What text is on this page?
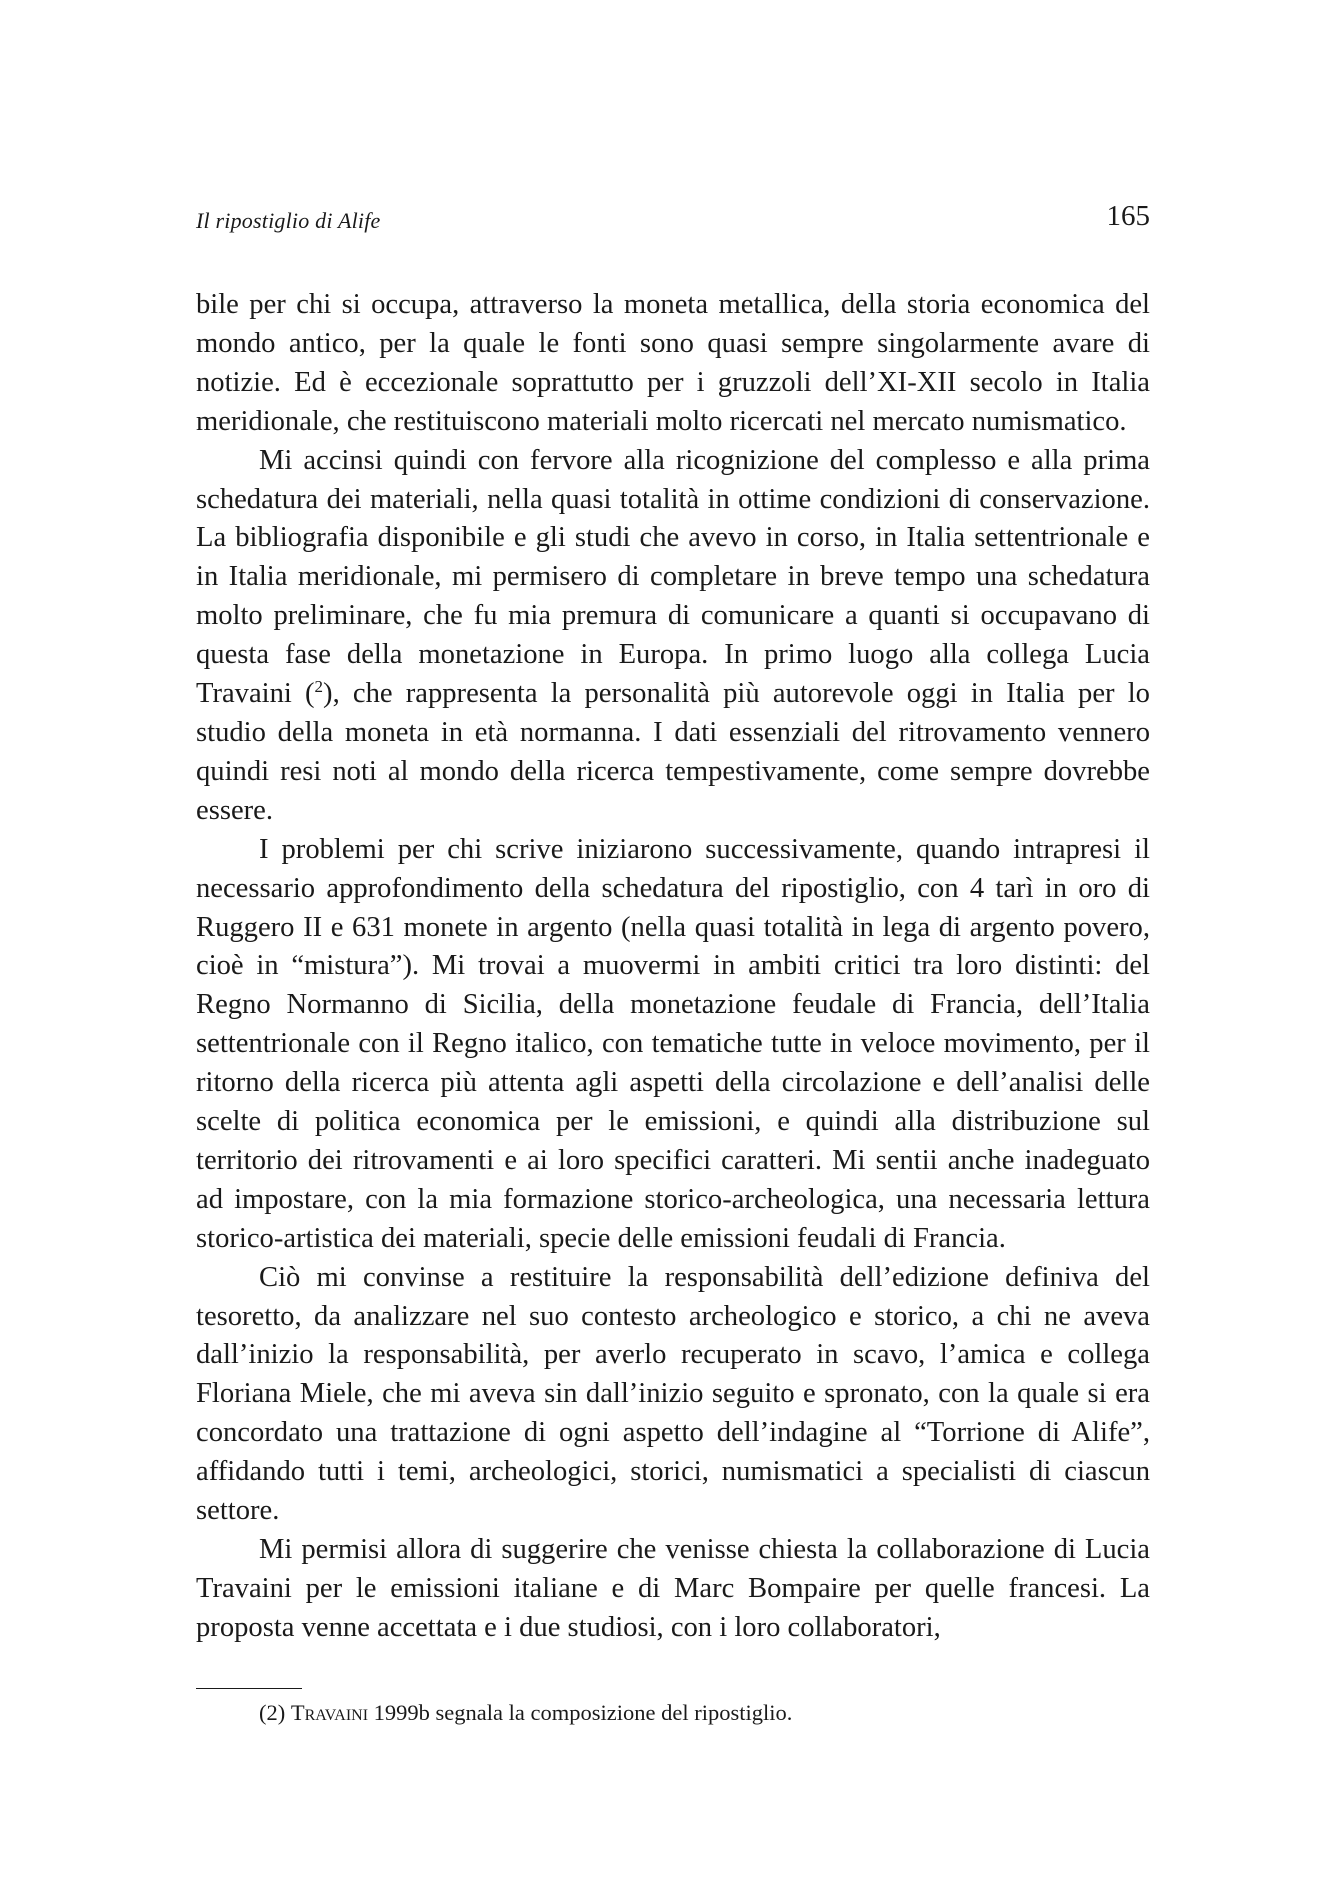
Il ripostiglio di Alife	165

bile per chi si occupa, attraverso la moneta metallica, della storia economica del mondo antico, per la quale le fonti sono quasi sempre singolarmente avare di notizie. Ed è eccezionale soprattutto per i gruzzoli dell’XI-XII secolo in Italia meridionale, che restituiscono materiali molto ricercati nel mercato numismatico.

Mi accinsi quindi con fervore alla ricognizione del complesso e alla prima schedatura dei materiali, nella quasi totalità in ottime condizioni di conservazione. La bibliografia disponibile e gli studi che avevo in corso, in Italia settentrionale e in Italia meridionale, mi permisero di completare in breve tempo una schedatura molto preliminare, che fu mia premura di comunicare a quanti si occupavano di questa fase della monetazione in Europa. In primo luogo alla collega Lucia Travaini ($^2$), che rappresenta la personalità più autorevole oggi in Italia per lo studio della moneta in età normanna. I dati essenziali del ritrovamento vennero quindi resi noti al mondo della ricerca tempestivamente, come sempre dovrebbe essere.

I problemi per chi scrive iniziarono successivamente, quando intrapresi il necessario approfondimento della schedatura del ripostiglio, con 4 tarì in oro di Ruggero II e 631 monete in argento (nella quasi totalità in lega di argento povero, cioè in “mistura”). Mi trovai a muovermi in ambiti critici tra loro distinti: del Regno Normanno di Sicilia, della monetazione feudale di Francia, dell’Italia settentrionale con il Regno italico, con tematiche tutte in veloce movimento, per il ritorno della ricerca più attenta agli aspetti della circolazione e dell’analisi delle scelte di politica economica per le emissioni, e quindi alla distribuzione sul territorio dei ritrovamenti e ai loro specifici caratteri. Mi sentii anche inadeguato ad impostare, con la mia formazione storico-archeologica, una necessaria lettura storico-artistica dei materiali, specie delle emissioni feudali di Francia.

Ciò mi convinse a restituire la responsabilità dell’edizione definiva del tesoretto, da analizzare nel suo contesto archeologico e storico, a chi ne aveva dall’inizio la responsabilità, per averlo recuperato in scavo, l’amica e collega Floriana Miele, che mi aveva sin dall’inizio seguito e spronato, con la quale si era concordato una trattazione di ogni aspetto dell’indagine al “Torrione di Alife”, affidando tutti i temi, archeologici, storici, numismatici a specialisti di ciascun settore.

Mi permisi allora di suggerire che venisse chiesta la collaborazione di Lucia Travaini per le emissioni italiane e di Marc Bompaire per quelle francesi. La proposta venne accettata e i due studiosi, con i loro collaboratori,

(2) Travaini 1999b segnala la composizione del ripostiglio.
